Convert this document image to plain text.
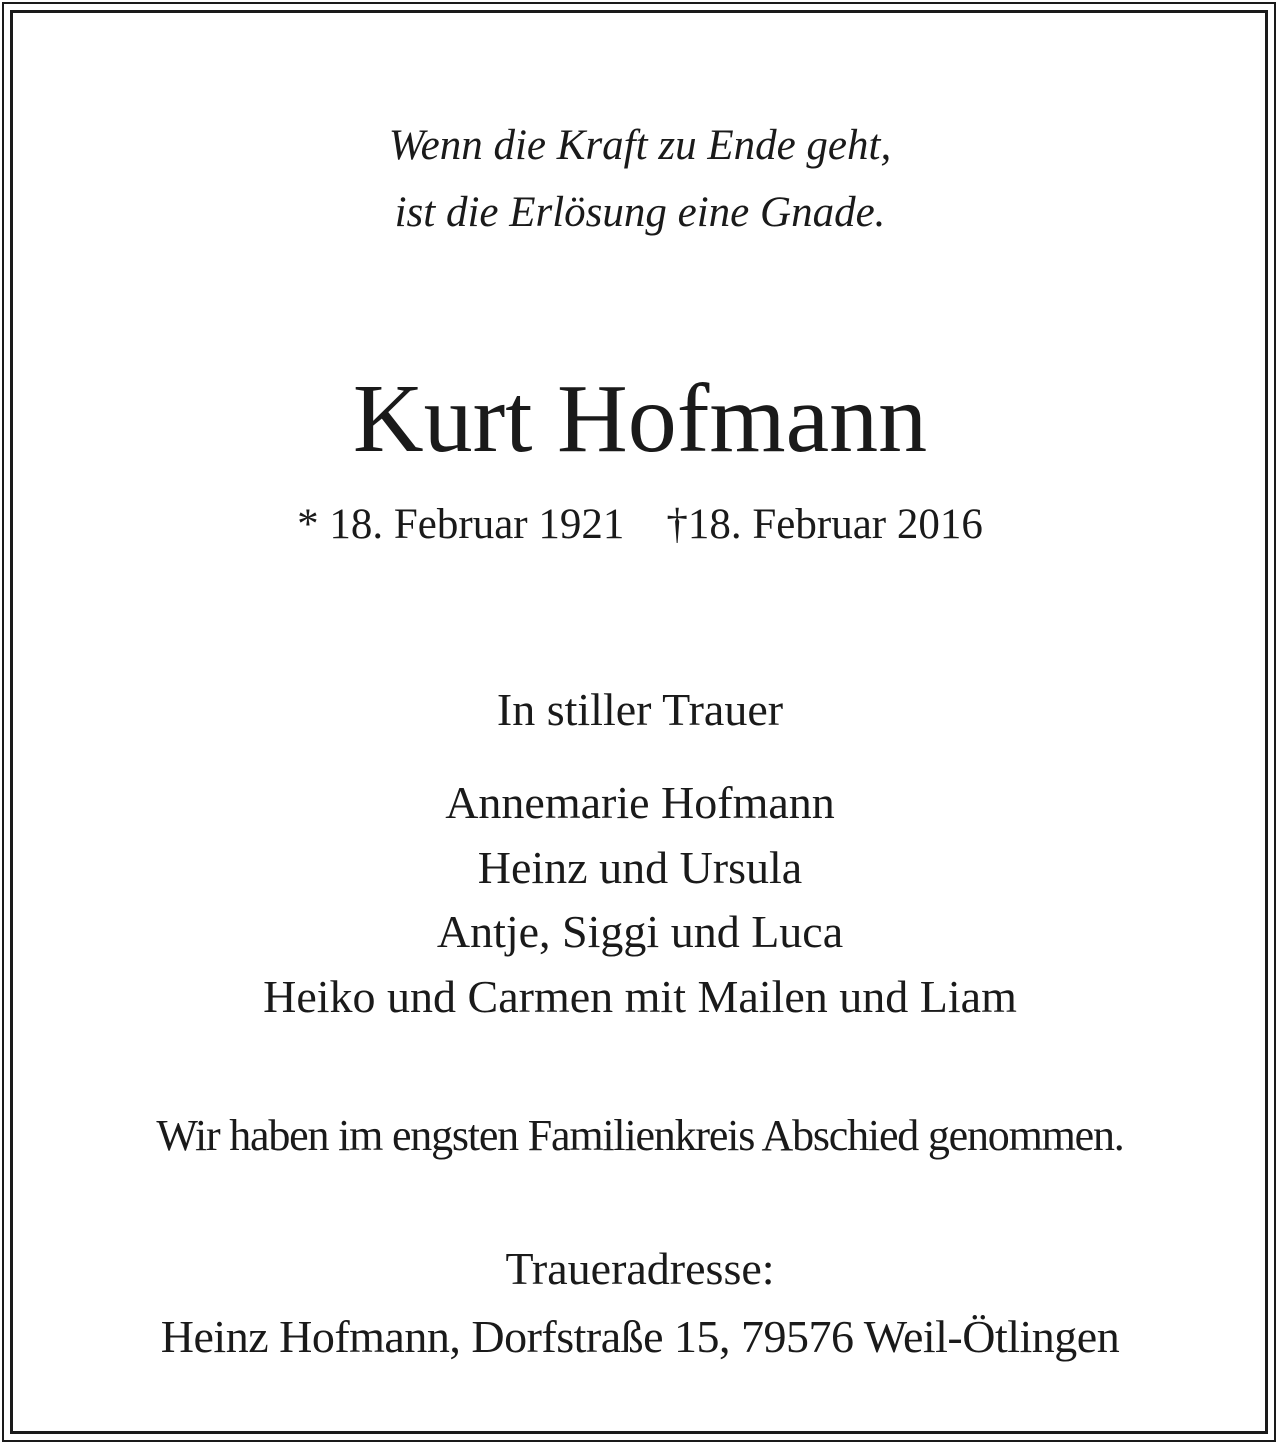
Wenn die Kraft zu Ende geht,
ist die Erlösung eine Gnade.
Kurt Hofmann
* 18. Februar 1921 †18. Februar 2016
In stiller Trauer
Annemarie Hofmann
Heinz und Ursula
Antje, Siggi und Luca
Heiko und Carmen mit Mailen und Liam
Wir haben im engsten Familienkreis Abschied genommen.
Traueradresse:
Heinz Hofmann, Dorfstraße 15, 79576 Weil-Ötlingen
